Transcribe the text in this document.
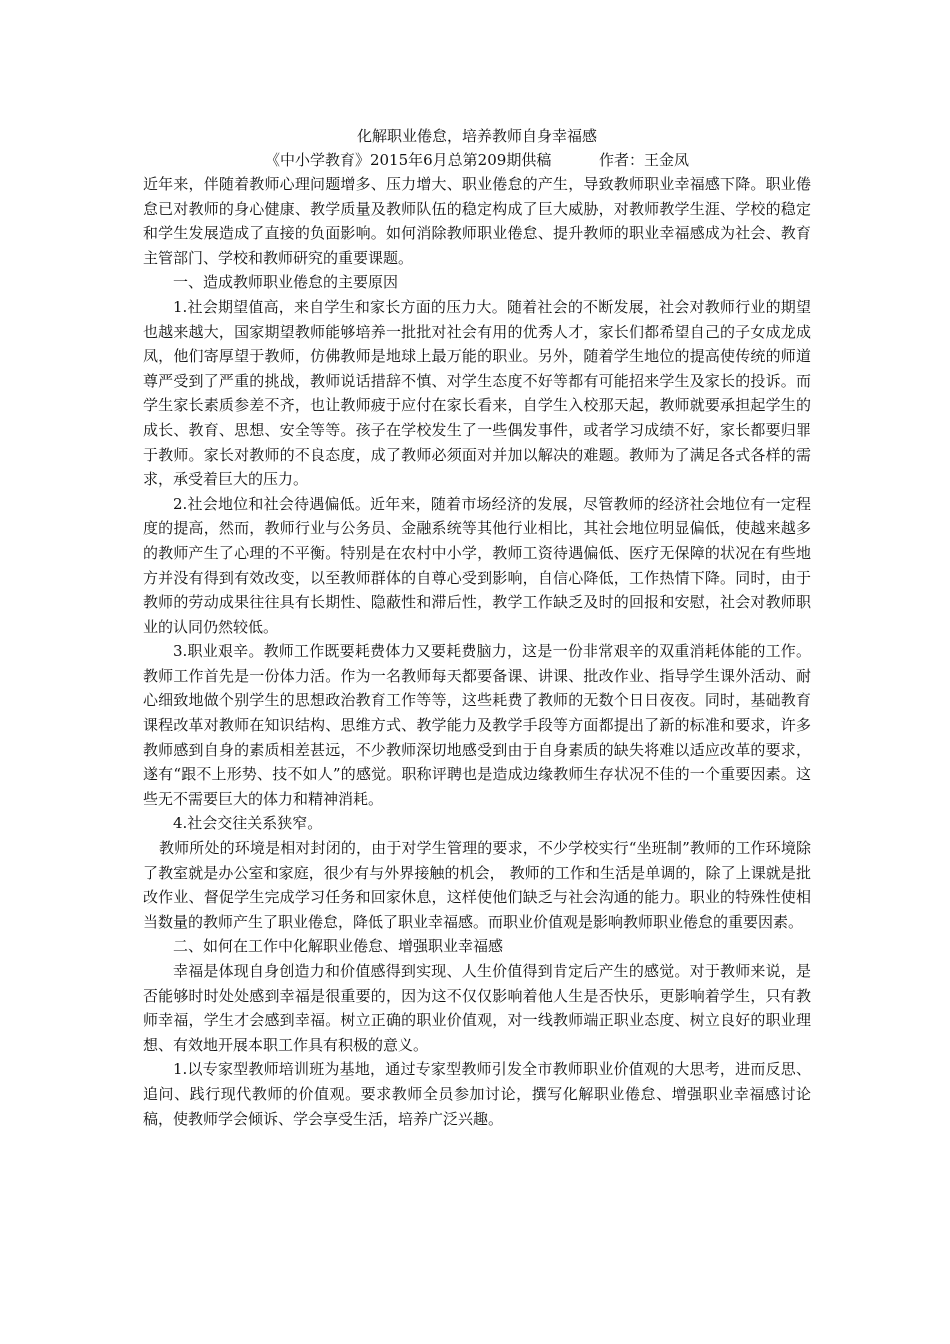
化解职业倦怠，培养教师自身幸福感

《中小学教育》2015年6月总第209期供稿	作者：王金凤

近年来，伴随着教师心理问题增多、压力增大、职业倦怠的产生，导致教师职业幸福感下降。职业倦怠已对教师的身心健康、教学质量及教师队伍的稳定构成了巨大威胁，对教师教学生涯、学校的稳定和学生发展造成了直接的负面影响。如何消除教师职业倦怠、提升教师的职业幸福感成为社会、教育主管部门、学校和教师研究的重要课题。

一、造成教师职业倦怠的主要原因

1.社会期望值高，来自学生和家长方面的压力大。随着社会的不断发展，社会对教师行业的期望也越来越大，国家期望教师能够培养一批批对社会有用的优秀人才，家长们都希望自己的子女成龙成凤，他们寄厚望于教师，仿佛教师是地球上最万能的职业。另外，随着学生地位的提高使传统的师道尊严受到了严重的挑战，教师说话措辞不慎、对学生态度不好等都有可能招来学生及家长的投诉。而学生家长素质参差不齐，也让教师疲于应付在家长看来，自学生入校那天起，教师就要承担起学生的成长、教育、思想、安全等等。孩子在学校发生了一些偶发事件，或者学习成绩不好，家长都要归罪于教师。家长对教师的不良态度，成了教师必须面对并加以解决的难题。教师为了满足各式各样的需求，承受着巨大的压力。

2.社会地位和社会待遇偏低。近年来，随着市场经济的发展，尽管教师的经济社会地位有一定程度的提高，然而，教师行业与公务员、金融系统等其他行业相比，其社会地位明显偏低，使越来越多的教师产生了心理的不平衡。特别是在农村中小学，教师工资待遇偏低、医疗无保障的状况在有些地方并没有得到有效改变，以至教师群体的自尊心受到影响，自信心降低，工作热情下降。同时，由于教师的劳动成果往往具有长期性、隐蔽性和滞后性，教学工作缺乏及时的回报和安慰，社会对教师职业的认同仍然较低。

3.职业艰辛。教师工作既要耗费体力又要耗费脑力，这是一份非常艰辛的双重消耗体能的工作。教师工作首先是一份体力活。作为一名教师每天都要备课、讲课、批改作业、指导学生课外活动、耐心细致地做个别学生的思想政治教育工作等等，这些耗费了教师的无数个日日夜夜。同时，基础教育课程改革对教师在知识结构、思维方式、教学能力及教学手段等方面都提出了新的标准和要求，许多教师感到自身的素质相差甚远，不少教师深切地感受到由于自身素质的缺失将难以适应改革的要求，遂有“跟不上形势、技不如人”的感觉。职称评聘也是造成边缘教师生存状况不佳的一个重要因素。这些无不需要巨大的体力和精神消耗。

4.社会交往关系狭窄。

教师所处的环境是相对封闭的，由于对学生管理的要求，不少学校实行“坐班制”教师的工作环境除了教室就是办公室和家庭，很少有与外界接触的机会， 教师的工作和生活是单调的，除了上课就是批改作业、督促学生完成学习任务和回家休息，这样使他们缺乏与社会沟通的能力。职业的特殊性使相当数量的教师产生了职业倦怠，降低了职业幸福感。而职业价值观是影响教师职业倦怠的重要因素。

二、如何在工作中化解职业倦怠、增强职业幸福感

幸福是体现自身创造力和价值感得到实现、人生价值得到肯定后产生的感觉。对于教师来说，是否能够时时处处感到幸福是很重要的，因为这不仅仅影响着他人生是否快乐，更影响着学生，只有教师幸福，学生才会感到幸福。树立正确的职业价值观，对一线教师端正职业态度、树立良好的职业理想、有效地开展本职工作具有积极的意义。

1.以专家型教师培训班为基地，通过专家型教师引发全市教师职业价值观的大思考，进而反思、追问、践行现代教师的价值观。要求教师全员参加讨论，撰写化解职业倦怠、增强职业幸福感讨论稿，使教师学会倾诉、学会享受生活，培养广泛兴趣。
